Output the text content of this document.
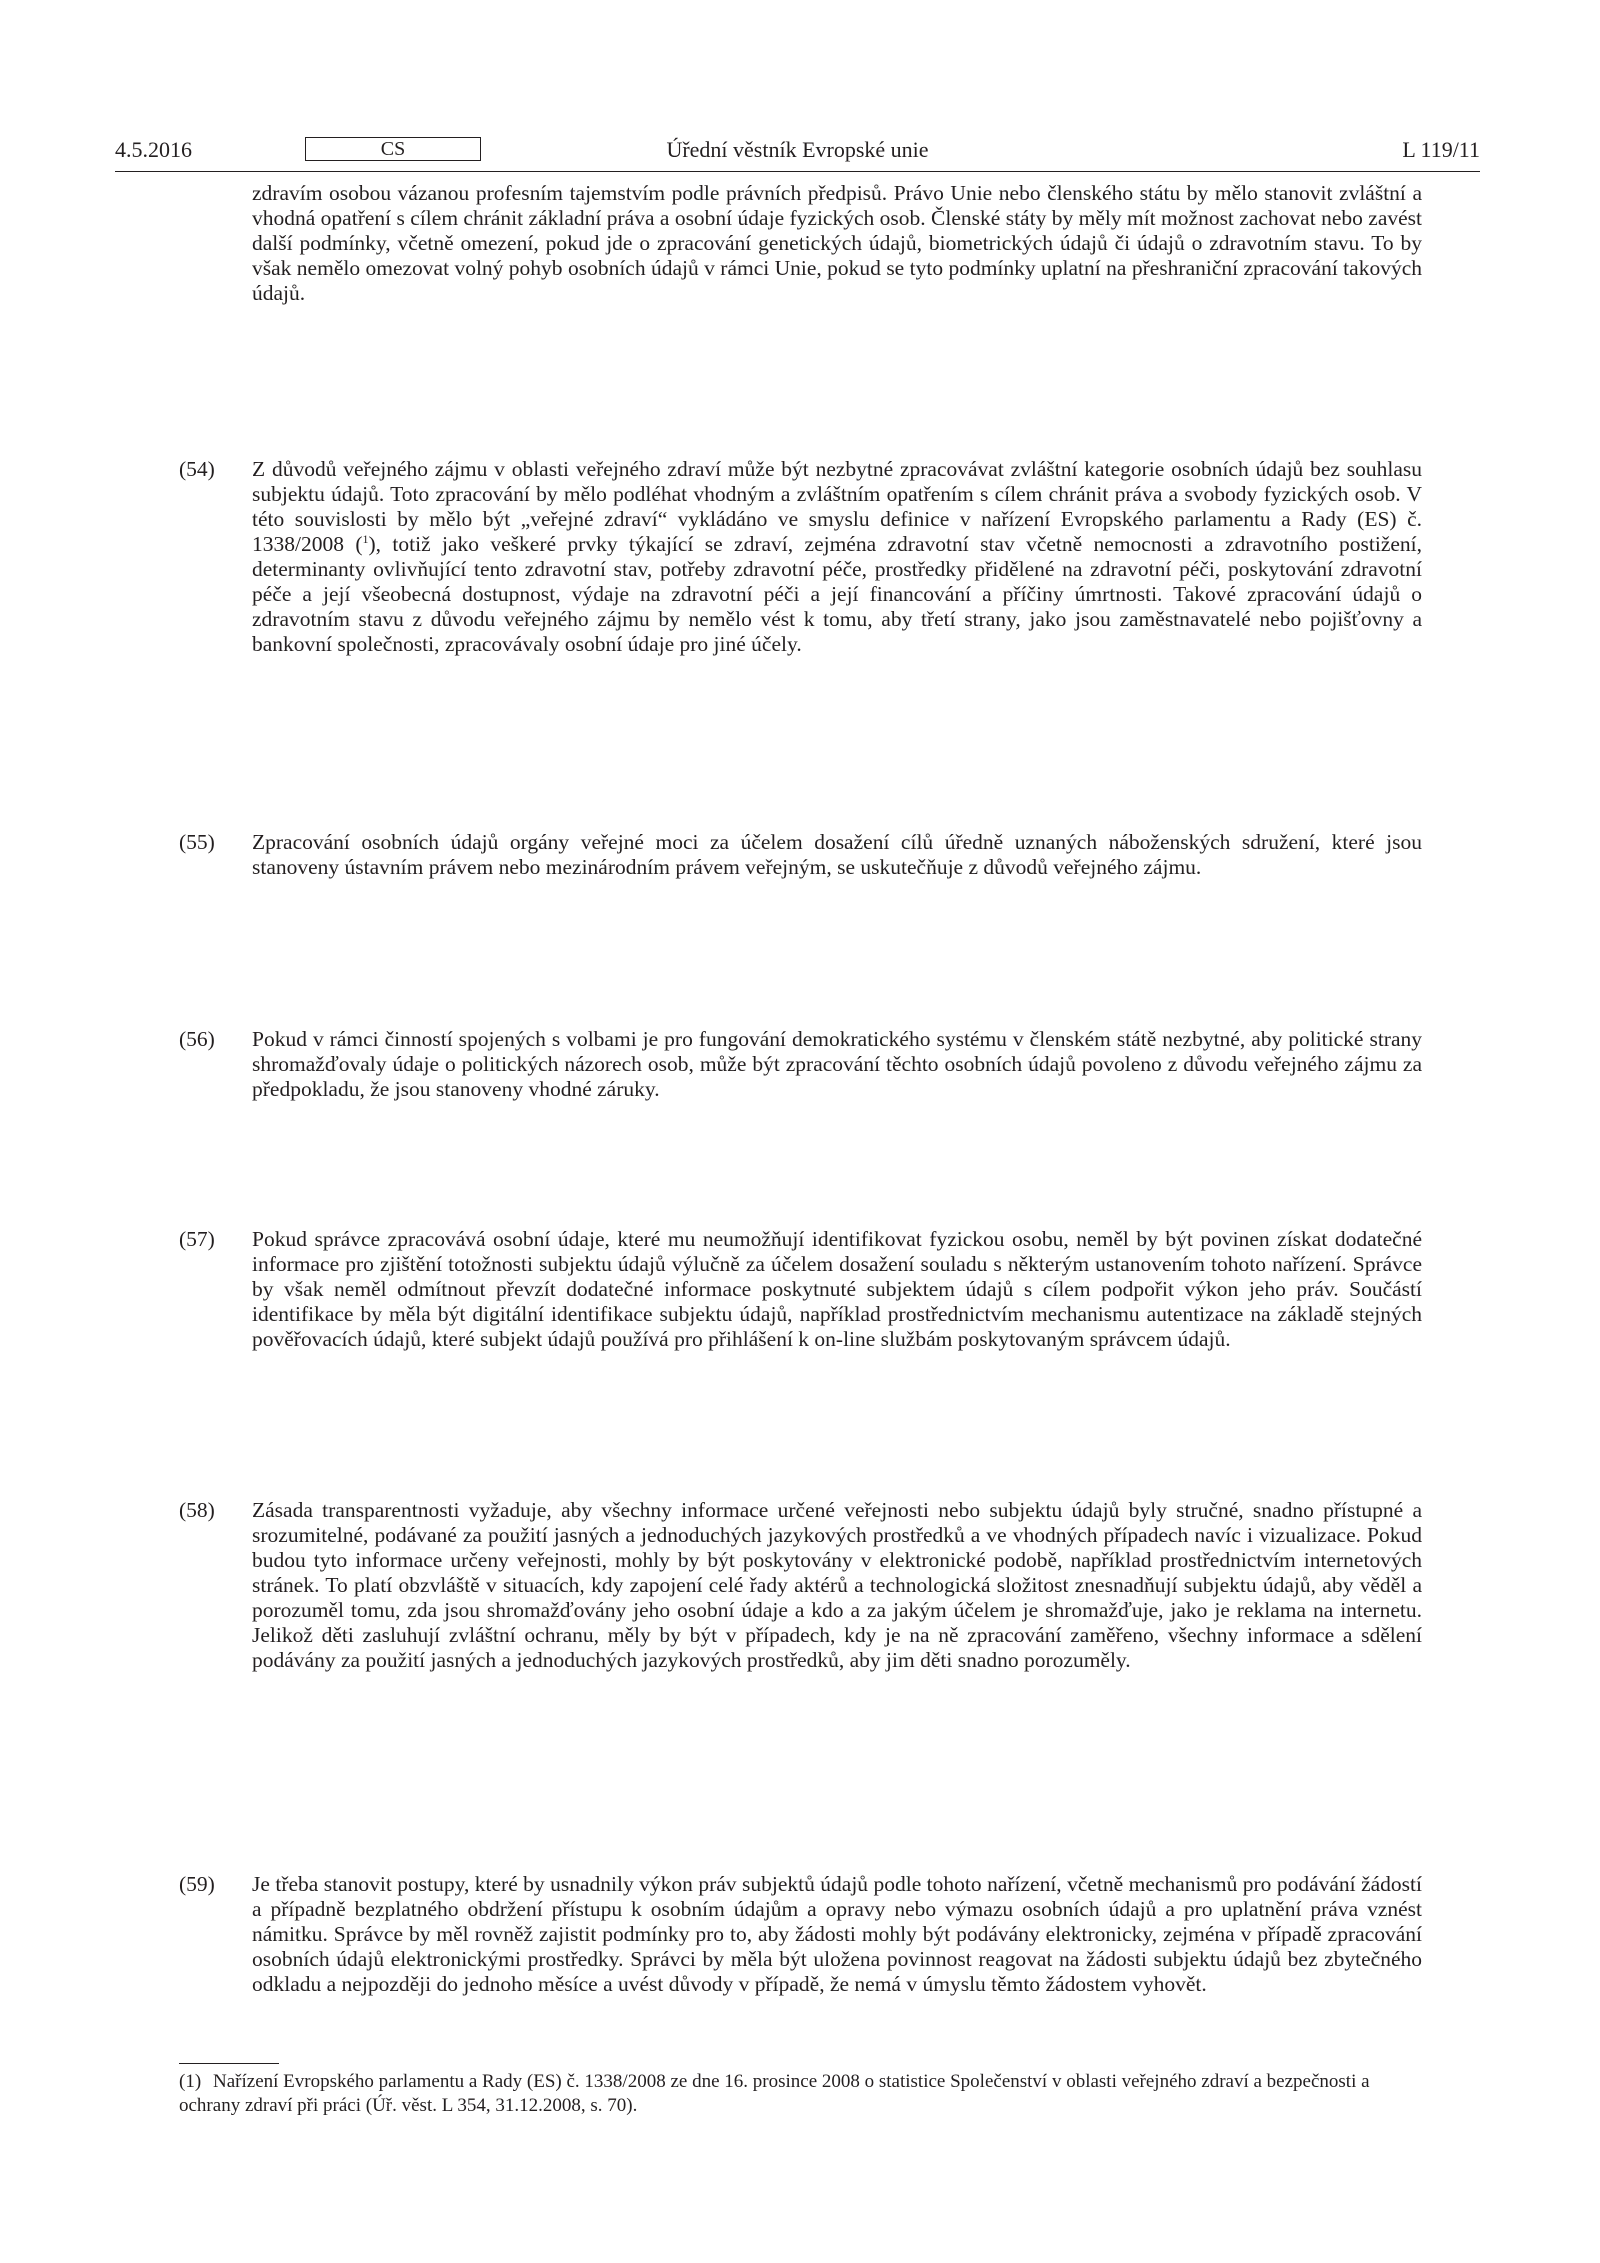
4.5.2016	CS	Úřední věstník Evropské unie	L 119/11
zdravím osobou vázanou profesním tajemstvím podle právních předpisů. Právo Unie nebo členského státu by mělo stanovit zvláštní a vhodná opatření s cílem chránit základní práva a osobní údaje fyzických osob. Členské státy by měly mít možnost zachovat nebo zavést další podmínky, včetně omezení, pokud jde o zpracování genetických údajů, biometrických údajů či údajů o zdravotním stavu. To by však nemělo omezovat volný pohyb osobních údajů v rámci Unie, pokud se tyto podmínky uplatní na přeshraniční zpracování takových údajů.
(54) Z důvodů veřejného zájmu v oblasti veřejného zdraví může být nezbytné zpracovávat zvláštní kategorie osobních údajů bez souhlasu subjektu údajů. Toto zpracování by mělo podléhat vhodným a zvláštním opatřením s cílem chránit práva a svobody fyzických osob. V této souvislosti by mělo být „veřejné zdraví“ vykládáno ve smyslu definice v nařízení Evropského parlamentu a Rady (ES) č. 1338/2008 ($^1$), totiž jako veškeré prvky týkající se zdraví, zejména zdravotní stav včetně nemocnosti a zdravotního postižení, determinanty ovlivňující tento zdravotní stav, potřeby zdravotní péče, prostředky přidělené na zdravotní péči, poskytování zdravotní péče a její všeobecná dostupnost, výdaje na zdravotní péči a její financování a příčiny úmrtnosti. Takové zpracování údajů o zdravotním stavu z důvodu veřejného zájmu by nemělo vést k tomu, aby třetí strany, jako jsou zaměstnavatelé nebo pojišťovny a bankovní společnosti, zpracovávaly osobní údaje pro jiné účely.
(55) Zpracování osobních údajů orgány veřejné moci za účelem dosažení cílů úředně uznaných náboženských sdružení, které jsou stanoveny ústavním právem nebo mezinárodním právem veřejným, se uskutečňuje z důvodů veřejného zájmu.
(56) Pokud v rámci činností spojených s volbami je pro fungování demokratického systému v členském státě nezbytné, aby politické strany shromažďovaly údaje o politických názorech osob, může být zpracování těchto osobních údajů povoleno z důvodu veřejného zájmu za předpokladu, že jsou stanoveny vhodné záruky.
(57) Pokud správce zpracovává osobní údaje, které mu neumožňují identifikovat fyzickou osobu, neměl by být povinen získat dodatečné informace pro zjištění totožnosti subjektu údajů výlučně za účelem dosažení souladu s některým ustanovením tohoto nařízení. Správce by však neměl odmítnout převzít dodatečné informace poskytnuté subjektem údajů s cílem podpořit výkon jeho práv. Součástí identifikace by měla být digitální identifikace subjektu údajů, například prostřednictvím mechanismu autentizace na základě stejných pověřovacích údajů, které subjekt údajů používá pro přihlášení k on-line službám poskytovaným správcem údajů.
(58) Zásada transparentnosti vyžaduje, aby všechny informace určené veřejnosti nebo subjektu údajů byly stručné, snadno přístupné a srozumitelné, podávané za použití jasných a jednoduchých jazykových prostředků a ve vhodných případech navíc i vizualizace. Pokud budou tyto informace určeny veřejnosti, mohly by být poskytovány v elektronické podobě, například prostřednictvím internetových stránek. To platí obzvláště v situacích, kdy zapojení celé řady aktérů a technologická složitost znesnadňují subjektu údajů, aby věděl a porozuměl tomu, zda jsou shromažďovány jeho osobní údaje a kdo a za jakým účelem je shromažďuje, jako je reklama na internetu. Jelikož děti zasluhují zvláštní ochranu, měly by být v případech, kdy je na ně zpracování zaměřeno, všechny informace a sdělení podávány za použití jasných a jednoduchých jazykových prostředků, aby jim děti snadno porozuměly.
(59) Je třeba stanovit postupy, které by usnadnily výkon práv subjektů údajů podle tohoto nařízení, včetně mechanismů pro podávání žádostí a případně bezplatného obdržení přístupu k osobním údajům a opravy nebo výmazu osobních údajů a pro uplatnění práva vznést námitku. Správce by měl rovněž zajistit podmínky pro to, aby žádosti mohly být podávány elektronicky, zejména v případě zpracování osobních údajů elektronickými prostředky. Správci by měla být uložena povinnost reagovat na žádosti subjektu údajů bez zbytečného odkladu a nejpozději do jednoho měsíce a uvést důvody v případě, že nemá v úmyslu těmto žádostem vyhovět.
(1) Nařízení Evropského parlamentu a Rady (ES) č. 1338/2008 ze dne 16. prosince 2008 o statistice Společenství v oblasti veřejného zdraví a bezpečnosti a ochrany zdraví při práci (Úř. věst. L 354, 31.12.2008, s. 70).
